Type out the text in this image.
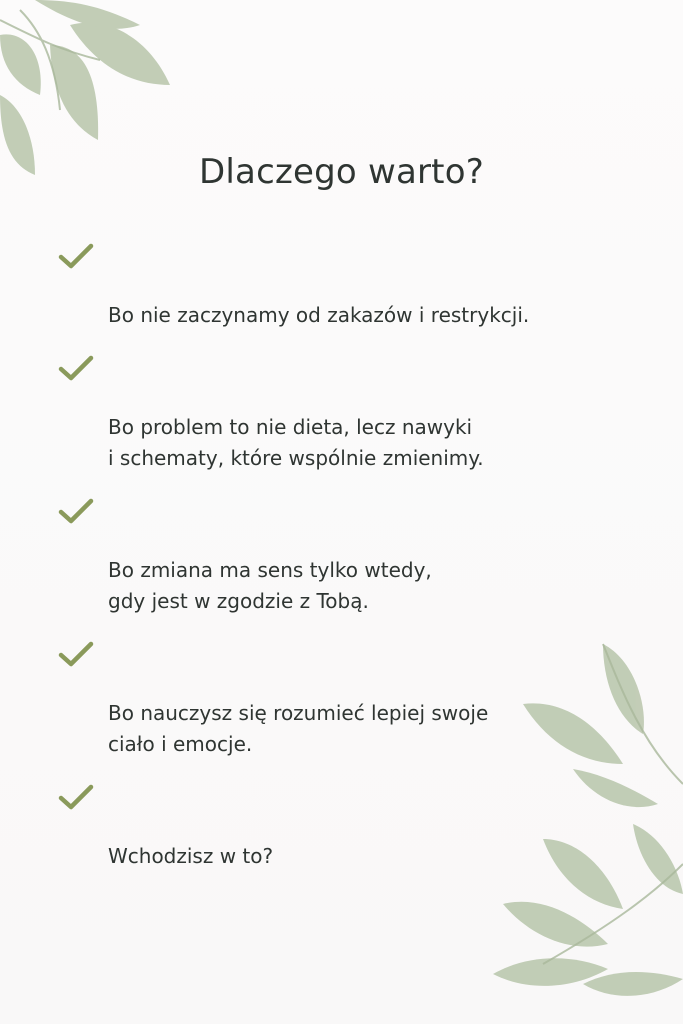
Dlaczego warto?

Bo nie zaczynamy od zakazów i restrykcji.

Bo problem to nie dieta, lecz nawyki
i schematy, które wspólnie zmienimy.

Bo zmiana ma sens tylko wtedy,
gdy jest w zgodzie z Tobą.

Bo nauczysz się rozumieć lepiej swoje
ciało i emocje.

Wchodzisz w to?
